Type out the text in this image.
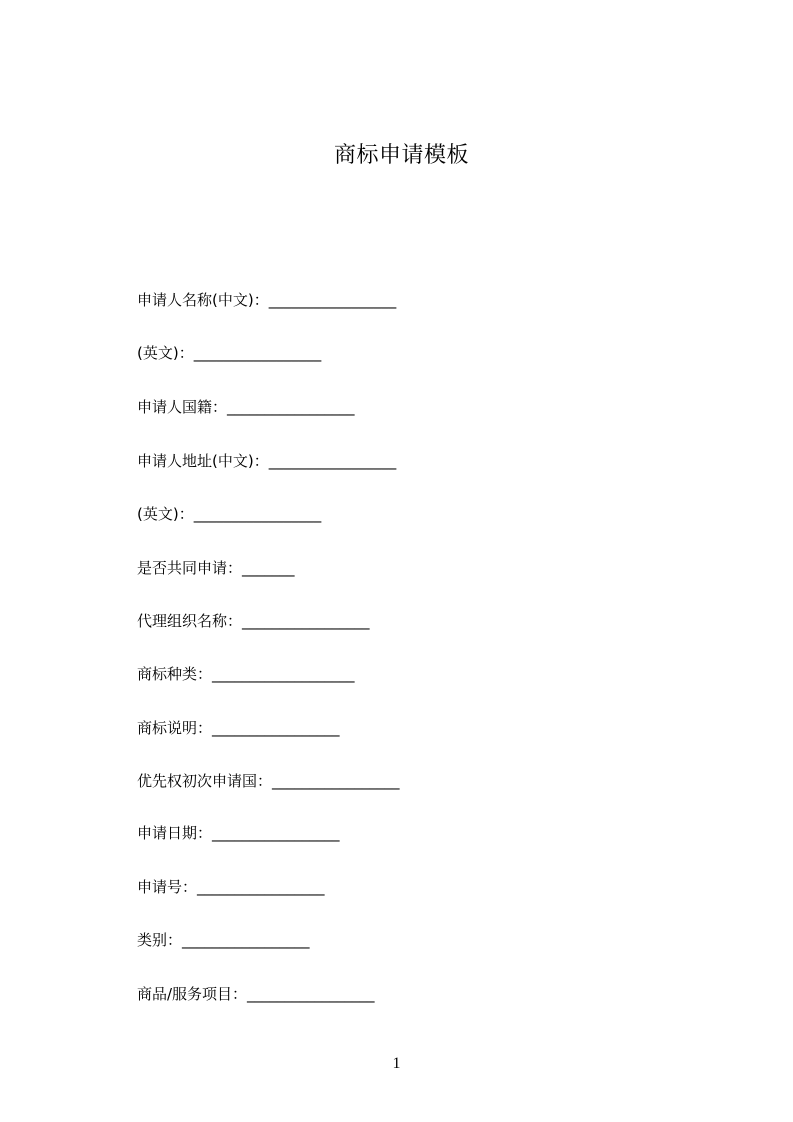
商标申请模板
申请人名称(中文)：_________________
(英文)：_________________
申请人国籍：_________________
申请人地址(中文)：_________________
(英文)：_________________
是否共同申请：_______
代理组织名称：_________________
商标种类：___________________
商标说明：_________________
优先权初次申请国：_________________
申请日期：_________________
申请号：_________________
类别：_________________
商品/服务项目：_________________
1
